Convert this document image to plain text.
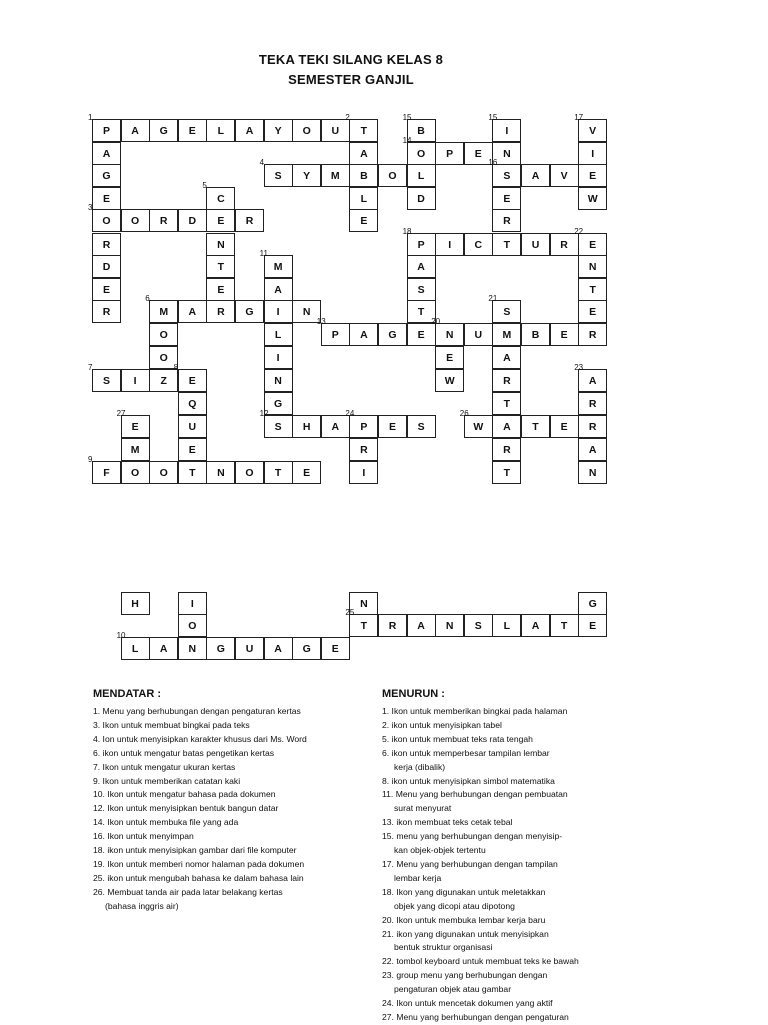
TEKA TEKI SILANG KELAS 8
SEMESTER GANJIL
P	A	G	E	L	A	Y	O	U	T
A
G
E
O
R
D
E
R
O	R	D	E	R
A
B
L
E
S	Y	M	O	L
B
O
D
P	E	N
I
S
E
R
T
A	V	E
V
I
W
E
N
T
E
R
P	I	C	U	R
A
S
T
E
C
N
T
E
R
M
A
I
L
I
N
G
M	A	G	N
O
O
P	A	G	N	U	M	B	E
E
W
S
A
R
T
A
R
T
S	I	Z	E
Q
U
E
A
R
R
A
N
E
M
S	H	A	P	E	S	W	T	E
R
I
F	O	O	T	N	O	T	E
H	I
O
N	G
T	R	A	N	S	L	A	T	E
L	A	N	G	U	A	G	E
1	2	15	15	17
14
4	16
5
3
18	22
11
6	21
13	20
7	8	23
27	12	24	26
9
25
10
MENDATAR :
1. Menu yang berhubungan dengan pengaturan kertas
3. Ikon untuk membuat bingkai pada teks
4. Ion untuk menyisipkan karakter khusus dari Ms. Word
6. ikon untuk mengatur batas pengetikan kertas
7. Ikon untuk mengatur ukuran kertas
9. Ikon untuk memberikan catatan kaki
10. Ikon untuk mengatur bahasa pada dokumen
12. Ikon untuk menyisipkan bentuk bangun datar
14. Ikon untuk membuka file yang ada
16. Ikon untuk menyimpan
18. ikon untuk menyisipkan gambar dari file komputer
19. Ikon untuk memberi nomor halaman pada dokumen
25. ikon untuk mengubah bahasa ke dalam bahasa lain
26. Membuat tanda air pada latar belakang kertas
(bahasa inggris air)
MENURUN :
1. Ikon untuk memberikan bingkai pada halaman
2. ikon untuk menyisipkan tabel
5. ikon untuk membuat teks rata tengah
6. ikon untuk memperbesar tampilan lembar
kerja (dibalik)
8. ikon untuk menyisipkan simbol matematika
11. Menu yang berhubungan dengan pembuatan
surat menyurat
13. ikon membuat teks cetak tebal
15. menu yang berhubungan dengan menyisip-
kan objek-objek tertentu
17. Menu yang berhubungan dengan tampilan
lembar kerja
18. Ikon yang digunakan untuk meletakkan
objek yang dicopi atau dipotong
20. Ikon untuk membuka lembar kerja baru
21. ikon yang digunakan untuk menyisipkan
bentuk struktur organisasi
22. tombol keyboard untuk membuat teks ke bawah
23. group menu yang berhubungan dengan
pengaturan objek atau gambar
24. Ikon untuk mencetak dokumen yang aktif
27. Menu yang berhubungan dengan pengaturan
